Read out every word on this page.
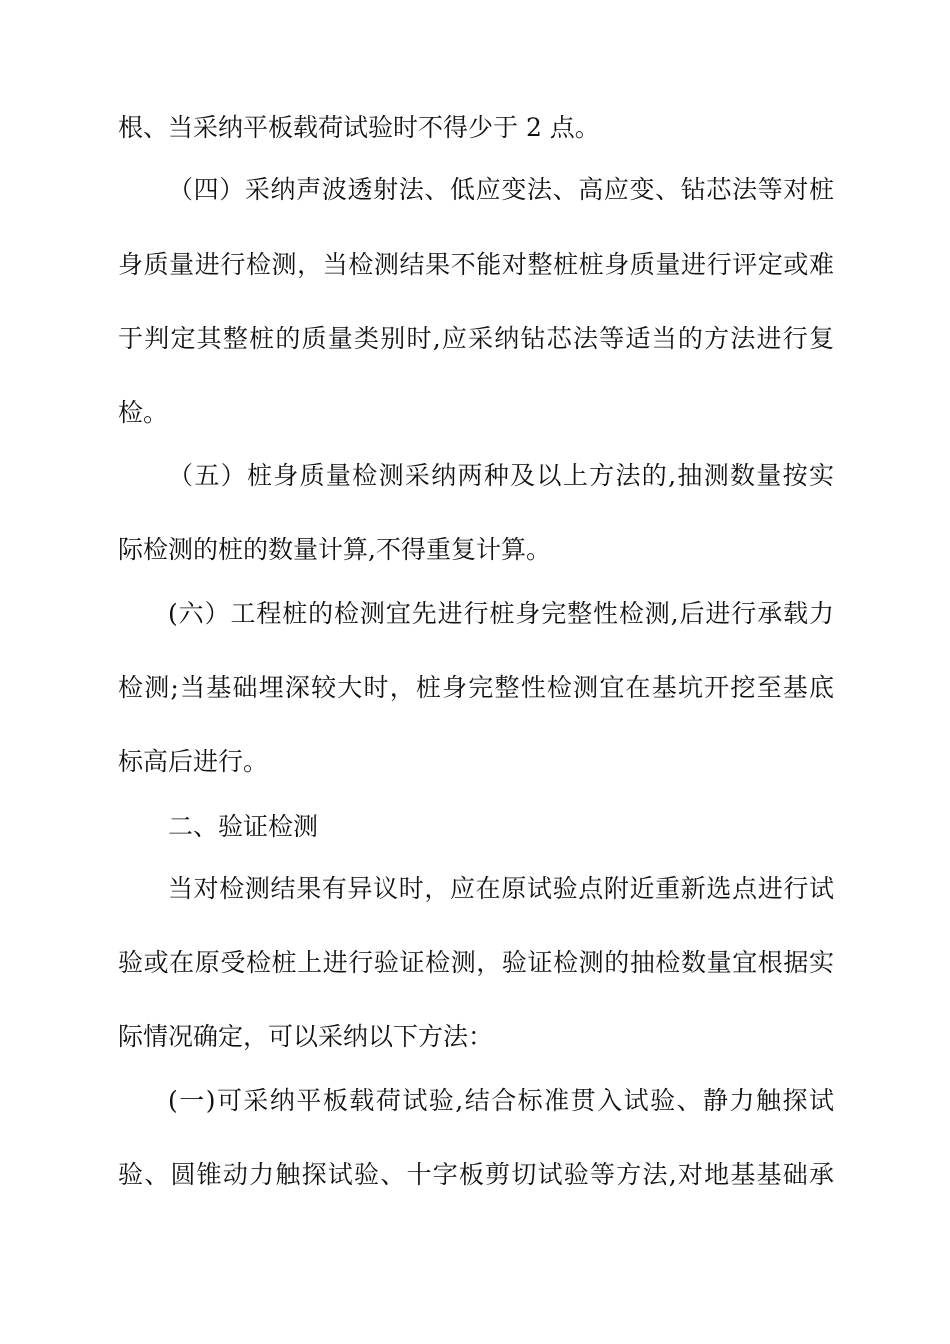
根、当采纳平板载荷试验时不得少于 2 点。
（四）采纳声波透射法、低应变法、高应变、钻芯法等对桩
身质量进行检测，当检测结果不能对整桩桩身质量进行评定或难
于判定其整桩的质量类别时,应采纳钻芯法等适当的方法进行复
检。
（五）桩身质量检测采纳两种及以上方法的,抽测数量按实
际检测的桩的数量计算,不得重复计算。
(六）工程桩的检测宜先进行桩身完整性检测,后进行承载力
检测;当基础埋深较大时，桩身完整性检测宜在基坑开挖至基底
标高后进行。
二、验证检测
当对检测结果有异议时，应在原试验点附近重新选点进行试
验或在原受检桩上进行验证检测，验证检测的抽检数量宜根据实
际情况确定，可以采纳以下方法：
(一)可采纳平板载荷试验,结合标准贯入试验、静力触探试
验、圆锥动力触探试验、十字板剪切试验等方法,对地基基础承
